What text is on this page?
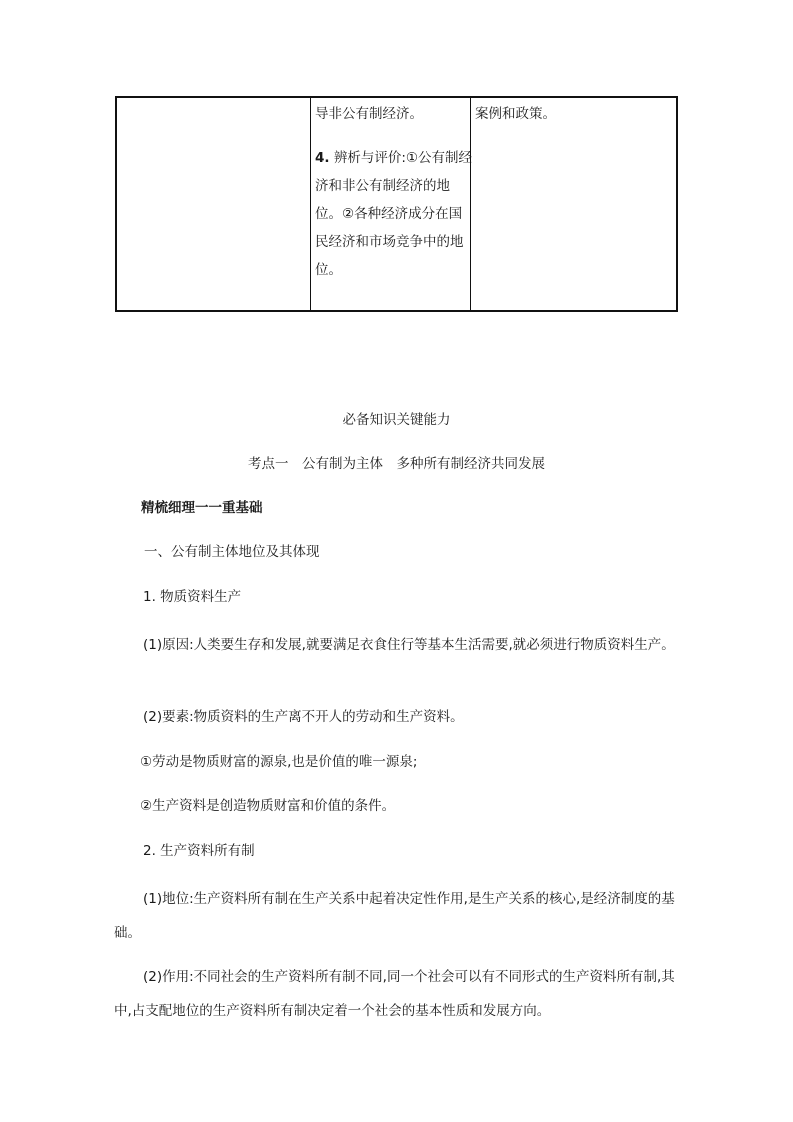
导非公有制经济。
4. 辨析与评价:①公有制经济和非公有制经济的地位。②各种经济成分在国民经济和市场竞争中的地位。
案例和政策。
必备知识关键能力
考点一　公有制为主体　多种所有制经济共同发展
精梳细理一一重基础
一、公有制主体地位及其体现
1. 物质资料生产
(1)原因:人类要生存和发展,就要满足衣食住行等基本生活需要,就必须进行物质资料生产。
(2)要素:物质资料的生产离不开人的劳动和生产资料。
①劳动是物质财富的源泉,也是价值的唯一源泉;
②生产资料是创造物质财富和价值的条件。
2. 生产资料所有制
(1)地位:生产资料所有制在生产关系中起着决定性作用,是生产关系的核心,是经济制度的基础。
(2)作用:不同社会的生产资料所有制不同,同一个社会可以有不同形式的生产资料所有制,其中,占支配地位的生产资料所有制决定着一个社会的基本性质和发展方向。
